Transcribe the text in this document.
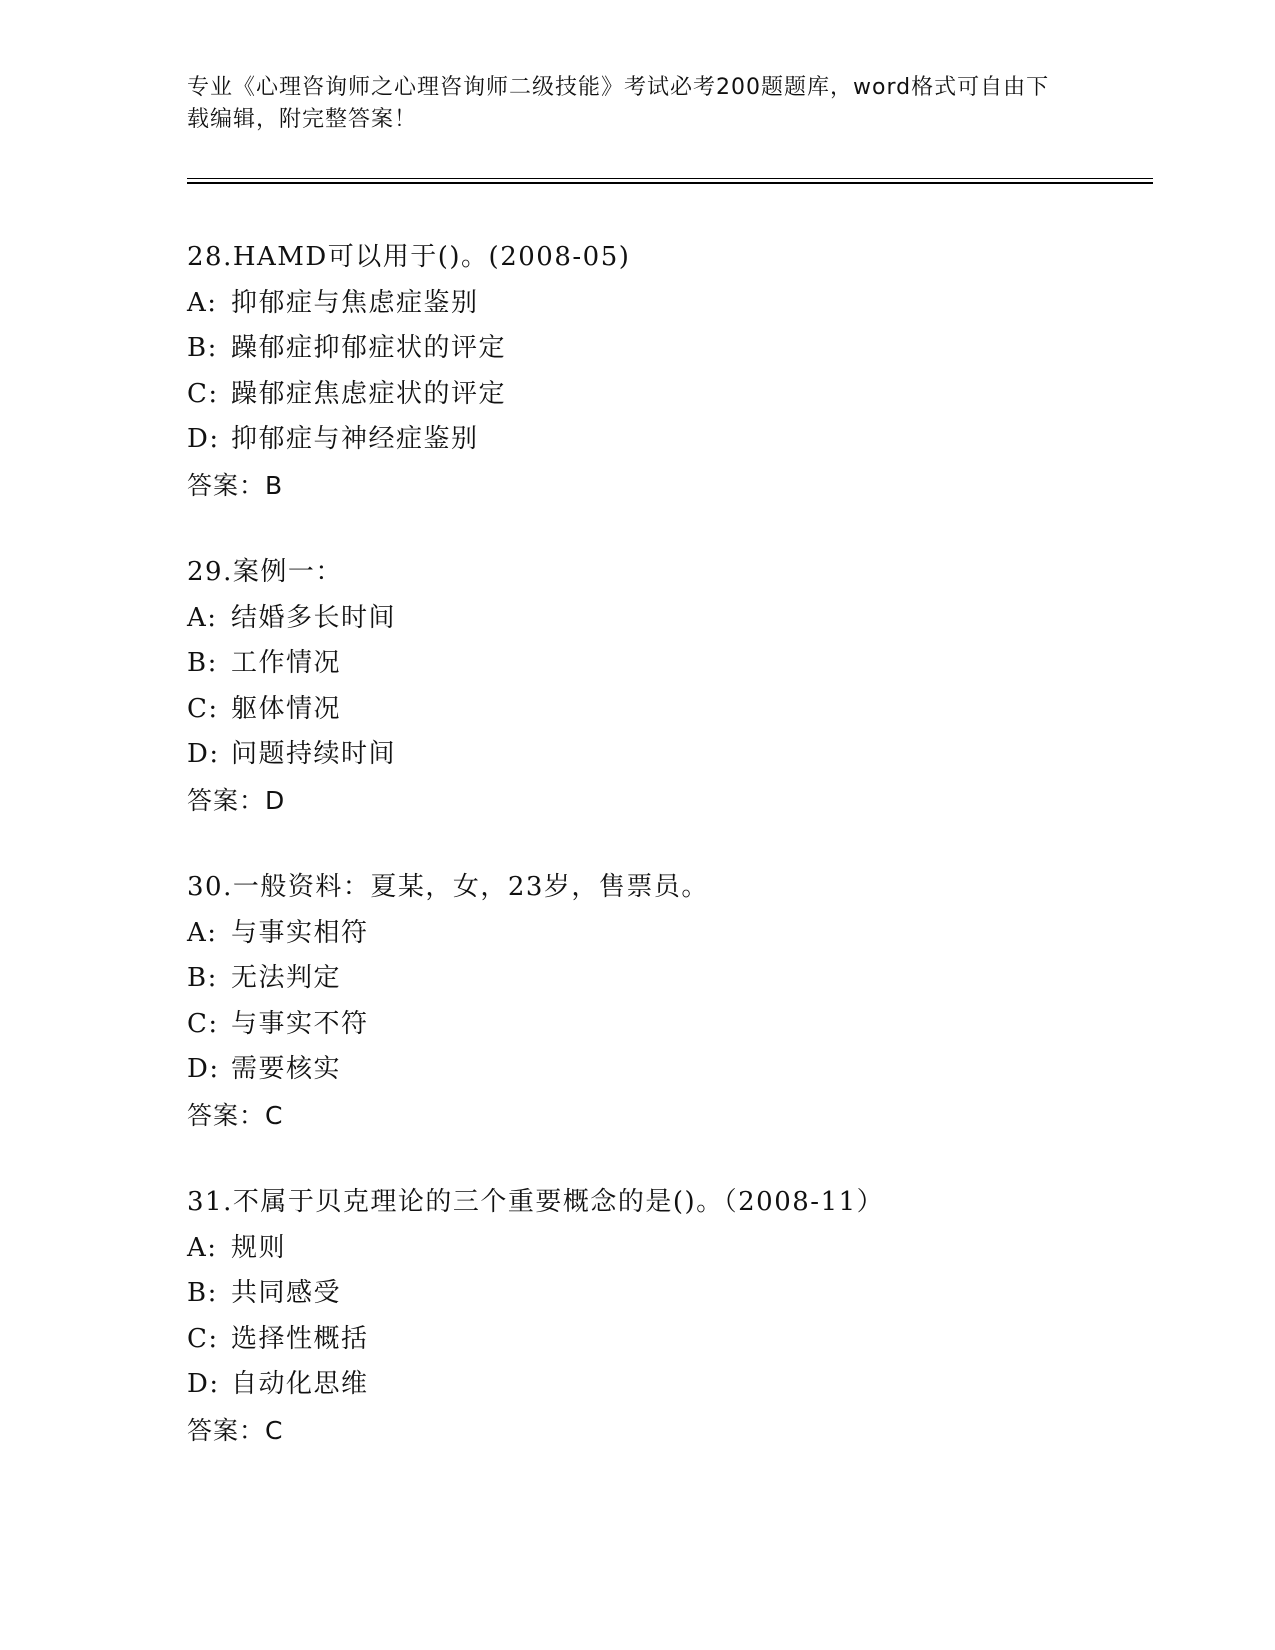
专业《心理咨询师之心理咨询师二级技能》考试必考200题题库，word格式可自由下载编辑，附完整答案！
28.HAMD可以用于()。(2008-05)
A: 抑郁症与焦虑症鉴别
B: 躁郁症抑郁症状的评定
C: 躁郁症焦虑症状的评定
D: 抑郁症与神经症鉴别
答案：B
29.案例一：
A: 结婚多长时间
B: 工作情况
C: 躯体情况
D: 问题持续时间
答案：D
30.一般资料：夏某，女，23岁，售票员。
A: 与事实相符
B: 无法判定
C: 与事实不符
D: 需要核实
答案：C
31.不属于贝克理论的三个重要概念的是()。（2008-11）
A: 规则
B: 共同感受
C: 选择性概括
D: 自动化思维
答案：C
